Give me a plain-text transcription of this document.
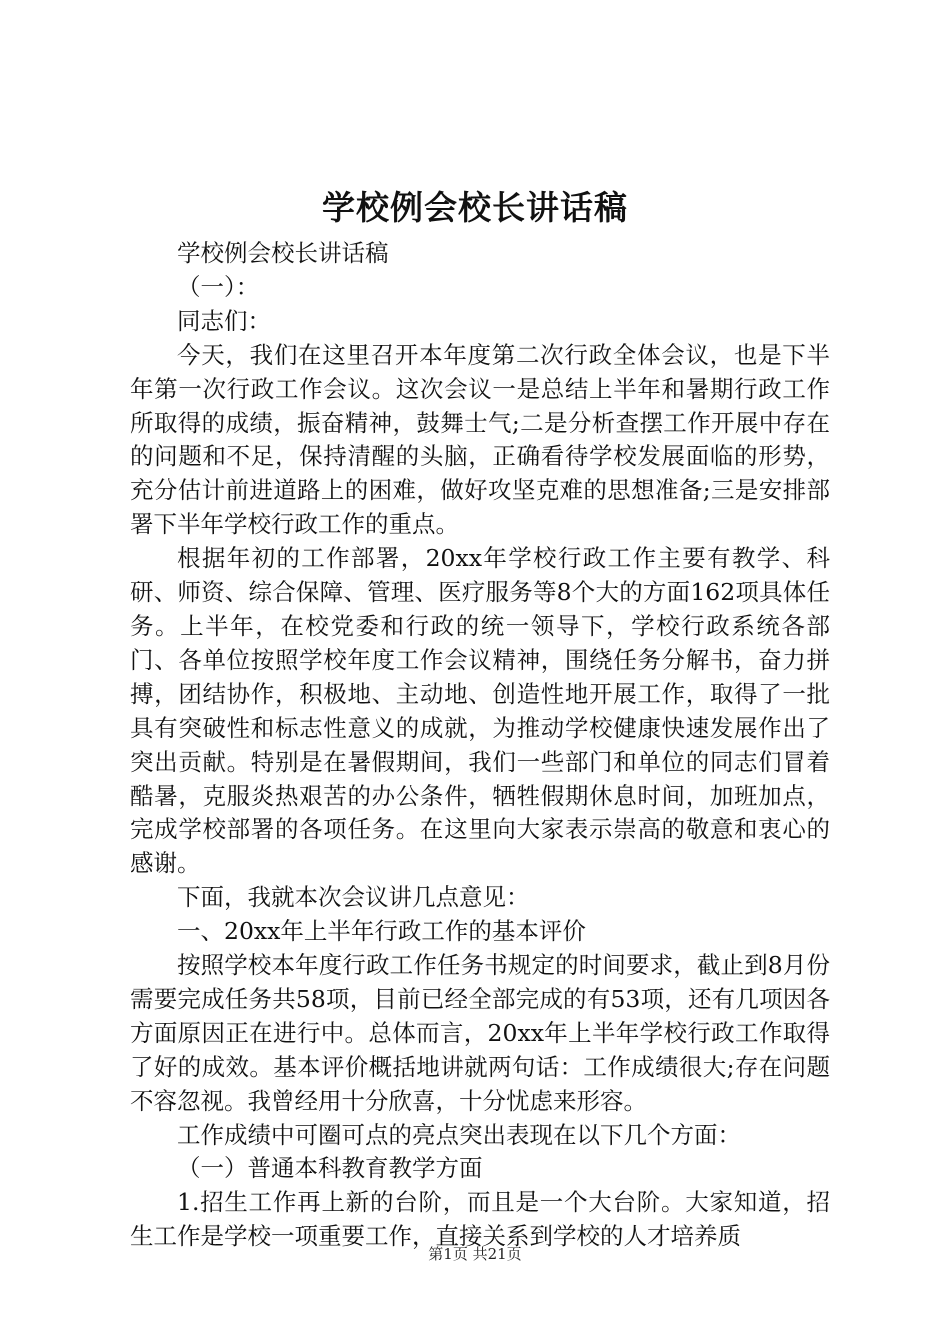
学校例会校长讲话稿

学校例会校长讲话稿

（一）：

同志们：

今天，我们在这里召开本年度第二次行政全体会议，也是下半年第一次行政工作会议。这次会议一是总结上半年和暑期行政工作所取得的成绩，振奋精神，鼓舞士气;二是分析查摆工作开展中存在的问题和不足，保持清醒的头脑，正确看待学校发展面临的形势，充分估计前进道路上的困难，做好攻坚克难的思想准备;三是安排部署下半年学校行政工作的重点。

根据年初的工作部署，20xx年学校行政工作主要有教学、科研、师资、综合保障、管理、医疗服务等8个大的方面162项具体任务。上半年，在校党委和行政的统一领导下，学校行政系统各部门、各单位按照学校年度工作会议精神，围绕任务分解书，奋力拼搏，团结协作，积极地、主动地、创造性地开展工作，取得了一批具有突破性和标志性意义的成就，为推动学校健康快速发展作出了突出贡献。特别是在暑假期间，我们一些部门和单位的同志们冒着酷暑，克服炎热艰苦的办公条件，牺牲假期休息时间，加班加点，完成学校部署的各项任务。在这里向大家表示崇高的敬意和衷心的感谢。

下面，我就本次会议讲几点意见：

一、20xx年上半年行政工作的基本评价

按照学校本年度行政工作任务书规定的时间要求，截止到8月份需要完成任务共58项，目前已经全部完成的有53项，还有几项因各方面原因正在进行中。总体而言，20xx年上半年学校行政工作取得了好的成效。基本评价概括地讲就两句话：工作成绩很大;存在问题不容忽视。我曾经用十分欣喜，十分忧虑来形容。

工作成绩中可圈可点的亮点突出表现在以下几个方面：

（一）普通本科教育教学方面

1.招生工作再上新的台阶，而且是一个大台阶。大家知道，招生工作是学校一项重要工作，直接关系到学校的人才培养质

第1页 共21页
